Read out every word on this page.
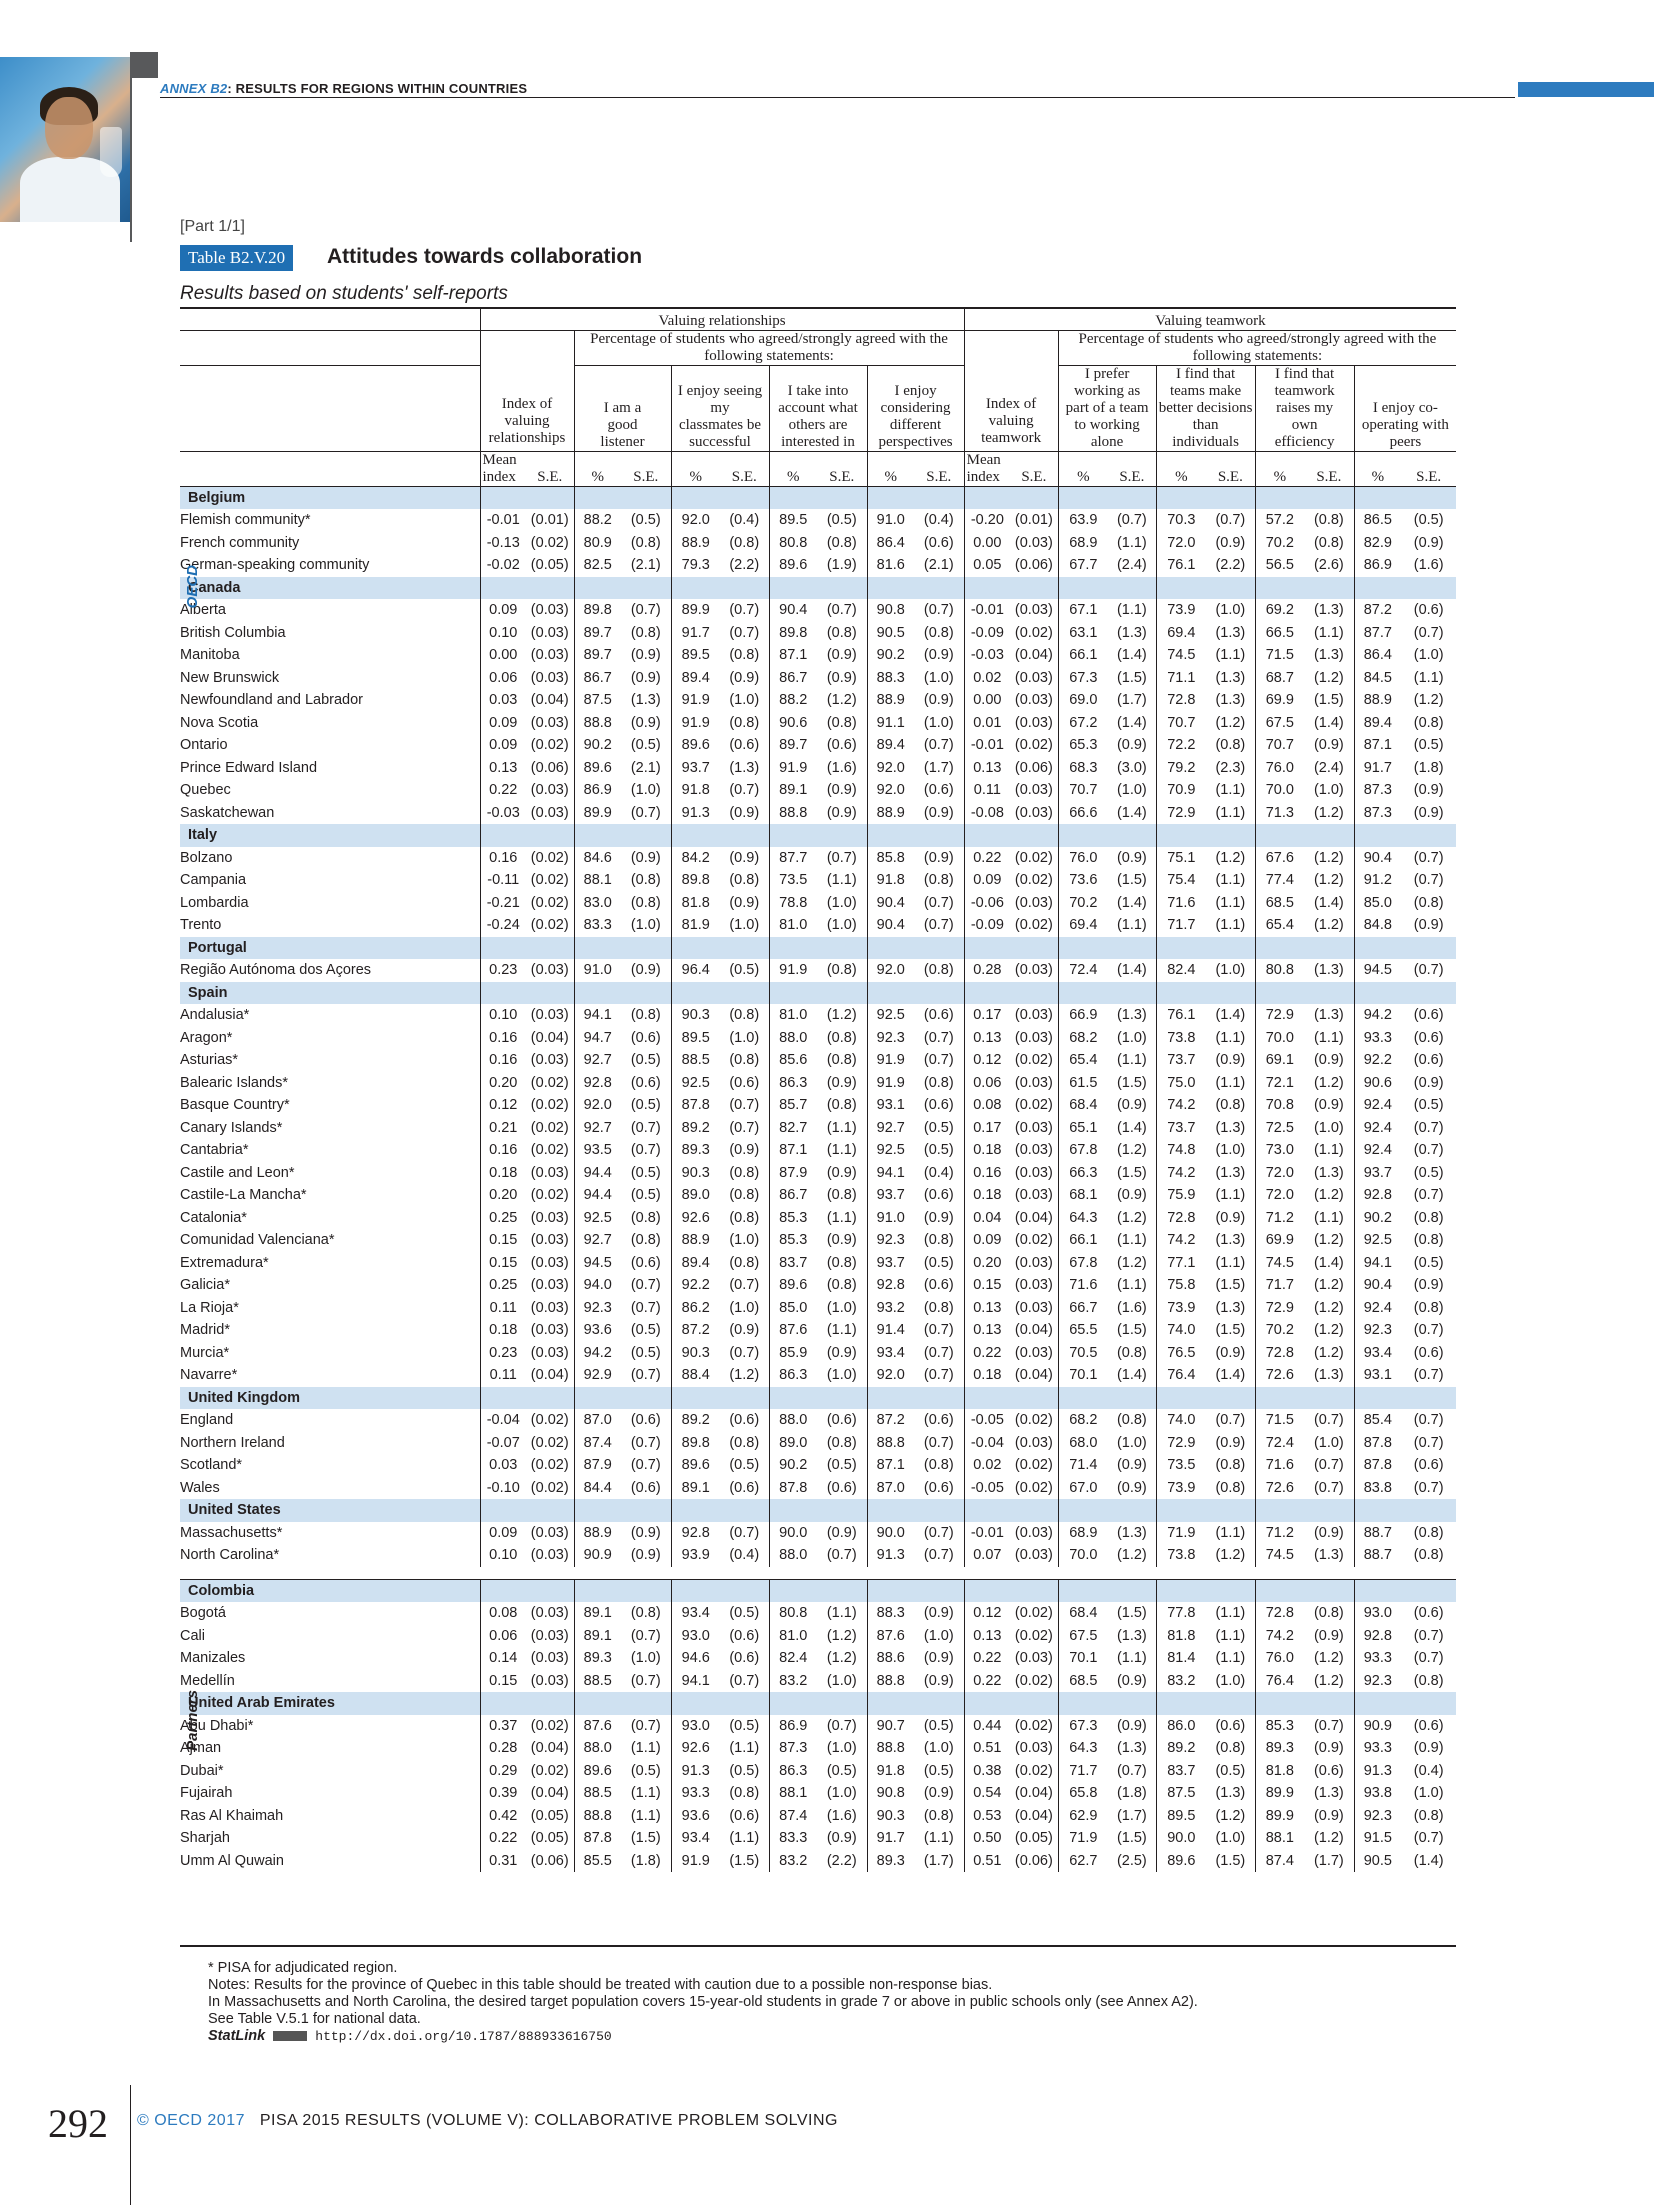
ANNEX B2: RESULTS FOR REGIONS WITHIN COUNTRIES
[Part 1/1]
Table B2.V.20	Attitudes towards collaboration
Results based on students' self-reports
	Valuing relationships										Valuing teamwork									
	Index of valuing relationships		Percentage of students who agreed/strongly agreed with the following statements:								Index of valuing teamwork		Percentage of students who agreed/strongly agreed with the following statements:							
			I am a good listener		I enjoy seeing my classmates be successful		I take into account what others are interested in		I enjoy considering different perspectives				I prefer working as part of a team to working alone		I find that teams make better decisions than individuals		I find that teamwork raises my own efficiency		I enjoy co-operating with peers	
	Mean index	S.E.	%	S.E.	%	S.E.	%	S.E.	%	S.E.	Mean index	S.E.	%	S.E.	%	S.E.	%	S.E.	%	S.E.
Belgium																				
Flemish community*	-0.01	(0.01)	88.2	(0.5)	92.0	(0.4)	89.5	(0.5)	91.0	(0.4)	-0.20	(0.01)	63.9	(0.7)	70.3	(0.7)	57.2	(0.8)	86.5	(0.5)
French community	-0.13	(0.02)	80.9	(0.8)	88.9	(0.8)	80.8	(0.8)	86.4	(0.6)	0.00	(0.03)	68.9	(1.1)	72.0	(0.9)	70.2	(0.8)	82.9	(0.9)
German-speaking community	-0.02	(0.05)	82.5	(2.1)	79.3	(2.2)	89.6	(1.9)	81.6	(2.1)	0.05	(0.06)	67.7	(2.4)	76.1	(2.2)	56.5	(2.6)	86.9	(1.6)
Canada																				
Alberta	0.09	(0.03)	89.8	(0.7)	89.9	(0.7)	90.4	(0.7)	90.8	(0.7)	-0.01	(0.03)	67.1	(1.1)	73.9	(1.0)	69.2	(1.3)	87.2	(0.6)
British Columbia	0.10	(0.03)	89.7	(0.8)	91.7	(0.7)	89.8	(0.8)	90.5	(0.8)	-0.09	(0.02)	63.1	(1.3)	69.4	(1.3)	66.5	(1.1)	87.7	(0.7)
Manitoba	0.00	(0.03)	89.7	(0.9)	89.5	(0.8)	87.1	(0.9)	90.2	(0.9)	-0.03	(0.04)	66.1	(1.4)	74.5	(1.1)	71.5	(1.3)	86.4	(1.0)
New Brunswick	0.06	(0.03)	86.7	(0.9)	89.4	(0.9)	86.7	(0.9)	88.3	(1.0)	0.02	(0.03)	67.3	(1.5)	71.1	(1.3)	68.7	(1.2)	84.5	(1.1)
Newfoundland and Labrador	0.03	(0.04)	87.5	(1.3)	91.9	(1.0)	88.2	(1.2)	88.9	(0.9)	0.00	(0.03)	69.0	(1.7)	72.8	(1.3)	69.9	(1.5)	88.9	(1.2)
Nova Scotia	0.09	(0.03)	88.8	(0.9)	91.9	(0.8)	90.6	(0.8)	91.1	(1.0)	0.01	(0.03)	67.2	(1.4)	70.7	(1.2)	67.5	(1.4)	89.4	(0.8)
Ontario	0.09	(0.02)	90.2	(0.5)	89.6	(0.6)	89.7	(0.6)	89.4	(0.7)	-0.01	(0.02)	65.3	(0.9)	72.2	(0.8)	70.7	(0.9)	87.1	(0.5)
Prince Edward Island	0.13	(0.06)	89.6	(2.1)	93.7	(1.3)	91.9	(1.6)	92.0	(1.7)	0.13	(0.06)	68.3	(3.0)	79.2	(2.3)	76.0	(2.4)	91.7	(1.8)
Quebec	0.22	(0.03)	86.9	(1.0)	91.8	(0.7)	89.1	(0.9)	92.0	(0.6)	0.11	(0.03)	70.7	(1.0)	70.9	(1.1)	70.0	(1.0)	87.3	(0.9)
Saskatchewan	-0.03	(0.03)	89.9	(0.7)	91.3	(0.9)	88.8	(0.9)	88.9	(0.9)	-0.08	(0.03)	66.6	(1.4)	72.9	(1.1)	71.3	(1.2)	87.3	(0.9)
Italy																				
Bolzano	0.16	(0.02)	84.6	(0.9)	84.2	(0.9)	87.7	(0.7)	85.8	(0.9)	0.22	(0.02)	76.0	(0.9)	75.1	(1.2)	67.6	(1.2)	90.4	(0.7)
Campania	-0.11	(0.02)	88.1	(0.8)	89.8	(0.8)	73.5	(1.1)	91.8	(0.8)	0.09	(0.02)	73.6	(1.5)	75.4	(1.1)	77.4	(1.2)	91.2	(0.7)
Lombardia	-0.21	(0.02)	83.0	(0.8)	81.8	(0.9)	78.8	(1.0)	90.4	(0.7)	-0.06	(0.03)	70.2	(1.4)	71.6	(1.1)	68.5	(1.4)	85.0	(0.8)
Trento	-0.24	(0.02)	83.3	(1.0)	81.9	(1.0)	81.0	(1.0)	90.4	(0.7)	-0.09	(0.02)	69.4	(1.1)	71.7	(1.1)	65.4	(1.2)	84.8	(0.9)
Portugal																				
Região Autónoma dos Açores	0.23	(0.03)	91.0	(0.9)	96.4	(0.5)	91.9	(0.8)	92.0	(0.8)	0.28	(0.03)	72.4	(1.4)	82.4	(1.0)	80.8	(1.3)	94.5	(0.7)
Spain																				
Andalusia*	0.10	(0.03)	94.1	(0.8)	90.3	(0.8)	81.0	(1.2)	92.5	(0.6)	0.17	(0.03)	66.9	(1.3)	76.1	(1.4)	72.9	(1.3)	94.2	(0.6)
Aragon*	0.16	(0.04)	94.7	(0.6)	89.5	(1.0)	88.0	(0.8)	92.3	(0.7)	0.13	(0.03)	68.2	(1.0)	73.8	(1.1)	70.0	(1.1)	93.3	(0.6)
Asturias*	0.16	(0.03)	92.7	(0.5)	88.5	(0.8)	85.6	(0.8)	91.9	(0.7)	0.12	(0.02)	65.4	(1.1)	73.7	(0.9)	69.1	(0.9)	92.2	(0.6)
Balearic Islands*	0.20	(0.02)	92.8	(0.6)	92.5	(0.6)	86.3	(0.9)	91.9	(0.8)	0.06	(0.03)	61.5	(1.5)	75.0	(1.1)	72.1	(1.2)	90.6	(0.9)
Basque Country*	0.12	(0.02)	92.0	(0.5)	87.8	(0.7)	85.7	(0.8)	93.1	(0.6)	0.08	(0.02)	68.4	(0.9)	74.2	(0.8)	70.8	(0.9)	92.4	(0.5)
Canary Islands*	0.21	(0.02)	92.7	(0.7)	89.2	(0.7)	82.7	(1.1)	92.7	(0.5)	0.17	(0.03)	65.1	(1.4)	73.7	(1.3)	72.5	(1.0)	92.4	(0.7)
Cantabria*	0.16	(0.02)	93.5	(0.7)	89.3	(0.9)	87.1	(1.1)	92.5	(0.5)	0.18	(0.03)	67.8	(1.2)	74.8	(1.0)	73.0	(1.1)	92.4	(0.7)
Castile and Leon*	0.18	(0.03)	94.4	(0.5)	90.3	(0.8)	87.9	(0.9)	94.1	(0.4)	0.16	(0.03)	66.3	(1.5)	74.2	(1.3)	72.0	(1.3)	93.7	(0.5)
Castile-La Mancha*	0.20	(0.02)	94.4	(0.5)	89.0	(0.8)	86.7	(0.8)	93.7	(0.6)	0.18	(0.03)	68.1	(0.9)	75.9	(1.1)	72.0	(1.2)	92.8	(0.7)
Catalonia*	0.25	(0.03)	92.5	(0.8)	92.6	(0.8)	85.3	(1.1)	91.0	(0.9)	0.04	(0.04)	64.3	(1.2)	72.8	(0.9)	71.2	(1.1)	90.2	(0.8)
Comunidad Valenciana*	0.15	(0.03)	92.7	(0.8)	88.9	(1.0)	85.3	(0.9)	92.3	(0.8)	0.09	(0.02)	66.1	(1.1)	74.2	(1.3)	69.9	(1.2)	92.5	(0.8)
Extremadura*	0.15	(0.03)	94.5	(0.6)	89.4	(0.8)	83.7	(0.8)	93.7	(0.5)	0.20	(0.03)	67.8	(1.2)	77.1	(1.1)	74.5	(1.4)	94.1	(0.5)
Galicia*	0.25	(0.03)	94.0	(0.7)	92.2	(0.7)	89.6	(0.8)	92.8	(0.6)	0.15	(0.03)	71.6	(1.1)	75.8	(1.5)	71.7	(1.2)	90.4	(0.9)
La Rioja*	0.11	(0.03)	92.3	(0.7)	86.2	(1.0)	85.0	(1.0)	93.2	(0.8)	0.13	(0.03)	66.7	(1.6)	73.9	(1.3)	72.9	(1.2)	92.4	(0.8)
Madrid*	0.18	(0.03)	93.6	(0.5)	87.2	(0.9)	87.6	(1.1)	91.4	(0.7)	0.13	(0.04)	65.5	(1.5)	74.0	(1.5)	70.2	(1.2)	92.3	(0.7)
Murcia*	0.23	(0.03)	94.2	(0.5)	90.3	(0.7)	85.9	(0.9)	93.4	(0.7)	0.22	(0.03)	70.5	(0.8)	76.5	(0.9)	72.8	(1.2)	93.4	(0.6)
Navarre*	0.11	(0.04)	92.9	(0.7)	88.4	(1.2)	86.3	(1.0)	92.0	(0.7)	0.18	(0.04)	70.1	(1.4)	76.4	(1.4)	72.6	(1.3)	93.1	(0.7)
United Kingdom																				
England	-0.04	(0.02)	87.0	(0.6)	89.2	(0.6)	88.0	(0.6)	87.2	(0.6)	-0.05	(0.02)	68.2	(0.8)	74.0	(0.7)	71.5	(0.7)	85.4	(0.7)
Northern Ireland	-0.07	(0.02)	87.4	(0.7)	89.8	(0.8)	89.0	(0.8)	88.8	(0.7)	-0.04	(0.03)	68.0	(1.0)	72.9	(0.9)	72.4	(1.0)	87.8	(0.7)
Scotland*	0.03	(0.02)	87.9	(0.7)	89.6	(0.5)	90.2	(0.5)	87.1	(0.8)	0.02	(0.02)	71.4	(0.9)	73.5	(0.8)	71.6	(0.7)	87.8	(0.6)
Wales	-0.10	(0.02)	84.4	(0.6)	89.1	(0.6)	87.8	(0.6)	87.0	(0.6)	-0.05	(0.02)	67.0	(0.9)	73.9	(0.8)	72.6	(0.7)	83.8	(0.7)
United States																				
Massachusetts*	0.09	(0.03)	88.9	(0.9)	92.8	(0.7)	90.0	(0.9)	90.0	(0.7)	-0.01	(0.03)	68.9	(1.3)	71.9	(1.1)	71.2	(0.9)	88.7	(0.8)
North Carolina*	0.10	(0.03)	90.9	(0.9)	93.9	(0.4)	88.0	(0.7)	91.3	(0.7)	0.07	(0.03)	70.0	(1.2)	73.8	(1.2)	74.5	(1.3)	88.7	(0.8)

Colombia																				
Bogotá	0.08	(0.03)	89.1	(0.8)	93.4	(0.5)	80.8	(1.1)	88.3	(0.9)	0.12	(0.02)	68.4	(1.5)	77.8	(1.1)	72.8	(0.8)	93.0	(0.6)
Cali	0.06	(0.03)	89.1	(0.7)	93.0	(0.6)	81.0	(1.2)	87.6	(1.0)	0.13	(0.02)	67.5	(1.3)	81.8	(1.1)	74.2	(0.9)	92.8	(0.7)
Manizales	0.14	(0.03)	89.3	(1.0)	94.6	(0.6)	82.4	(1.2)	88.6	(0.9)	0.22	(0.03)	70.1	(1.1)	81.4	(1.1)	76.0	(1.2)	93.3	(0.7)
Medellín	0.15	(0.03)	88.5	(0.7)	94.1	(0.7)	83.2	(1.0)	88.8	(0.9)	0.22	(0.02)	68.5	(0.9)	83.2	(1.0)	76.4	(1.2)	92.3	(0.8)
United Arab Emirates																				
Abu Dhabi*	0.37	(0.02)	87.6	(0.7)	93.0	(0.5)	86.9	(0.7)	90.7	(0.5)	0.44	(0.02)	67.3	(0.9)	86.0	(0.6)	85.3	(0.7)	90.9	(0.6)
Ajman	0.28	(0.04)	88.0	(1.1)	92.6	(1.1)	87.3	(1.0)	88.8	(1.0)	0.51	(0.03)	64.3	(1.3)	89.2	(0.8)	89.3	(0.9)	93.3	(0.9)
Dubai*	0.29	(0.02)	89.6	(0.5)	91.3	(0.5)	86.3	(0.5)	91.8	(0.5)	0.38	(0.02)	71.7	(0.7)	83.7	(0.5)	81.8	(0.6)	91.3	(0.4)
Fujairah	0.39	(0.04)	88.5	(1.1)	93.3	(0.8)	88.1	(1.0)	90.8	(0.9)	0.54	(0.04)	65.8	(1.8)	87.5	(1.3)	89.9	(1.3)	93.8	(1.0)
Ras Al Khaimah	0.42	(0.05)	88.8	(1.1)	93.6	(0.6)	87.4	(1.6)	90.3	(0.8)	0.53	(0.04)	62.9	(1.7)	89.5	(1.2)	89.9	(0.9)	92.3	(0.8)
Sharjah	0.22	(0.05)	87.8	(1.5)	93.4	(1.1)	83.3	(0.9)	91.7	(1.1)	0.50	(0.05)	71.9	(1.5)	90.0	(1.0)	88.1	(1.2)	91.5	(0.7)
Umm Al Quwain	0.31	(0.06)	85.5	(1.8)	91.9	(1.5)	83.2	(2.2)	89.3	(1.7)	0.51	(0.06)	62.7	(2.5)	89.6	(1.5)	87.4	(1.7)	90.5	(1.4)
OECD
Partners
* PISA for adjudicated region.
Notes: Results for the province of Quebec in this table should be treated with caution due to a possible non-response bias.
In Massachusetts and North Carolina, the desired target population covers 15-year-old students in grade 7 or above in public schools only (see Annex A2).
See Table V.5.1 for national data.
StatLink	http://dx.doi.org/10.1787/888933616750
292 © OECD 2017 PISA 2015 RESULTS (VOLUME V): COLLABORATIVE PROBLEM SOLVING
